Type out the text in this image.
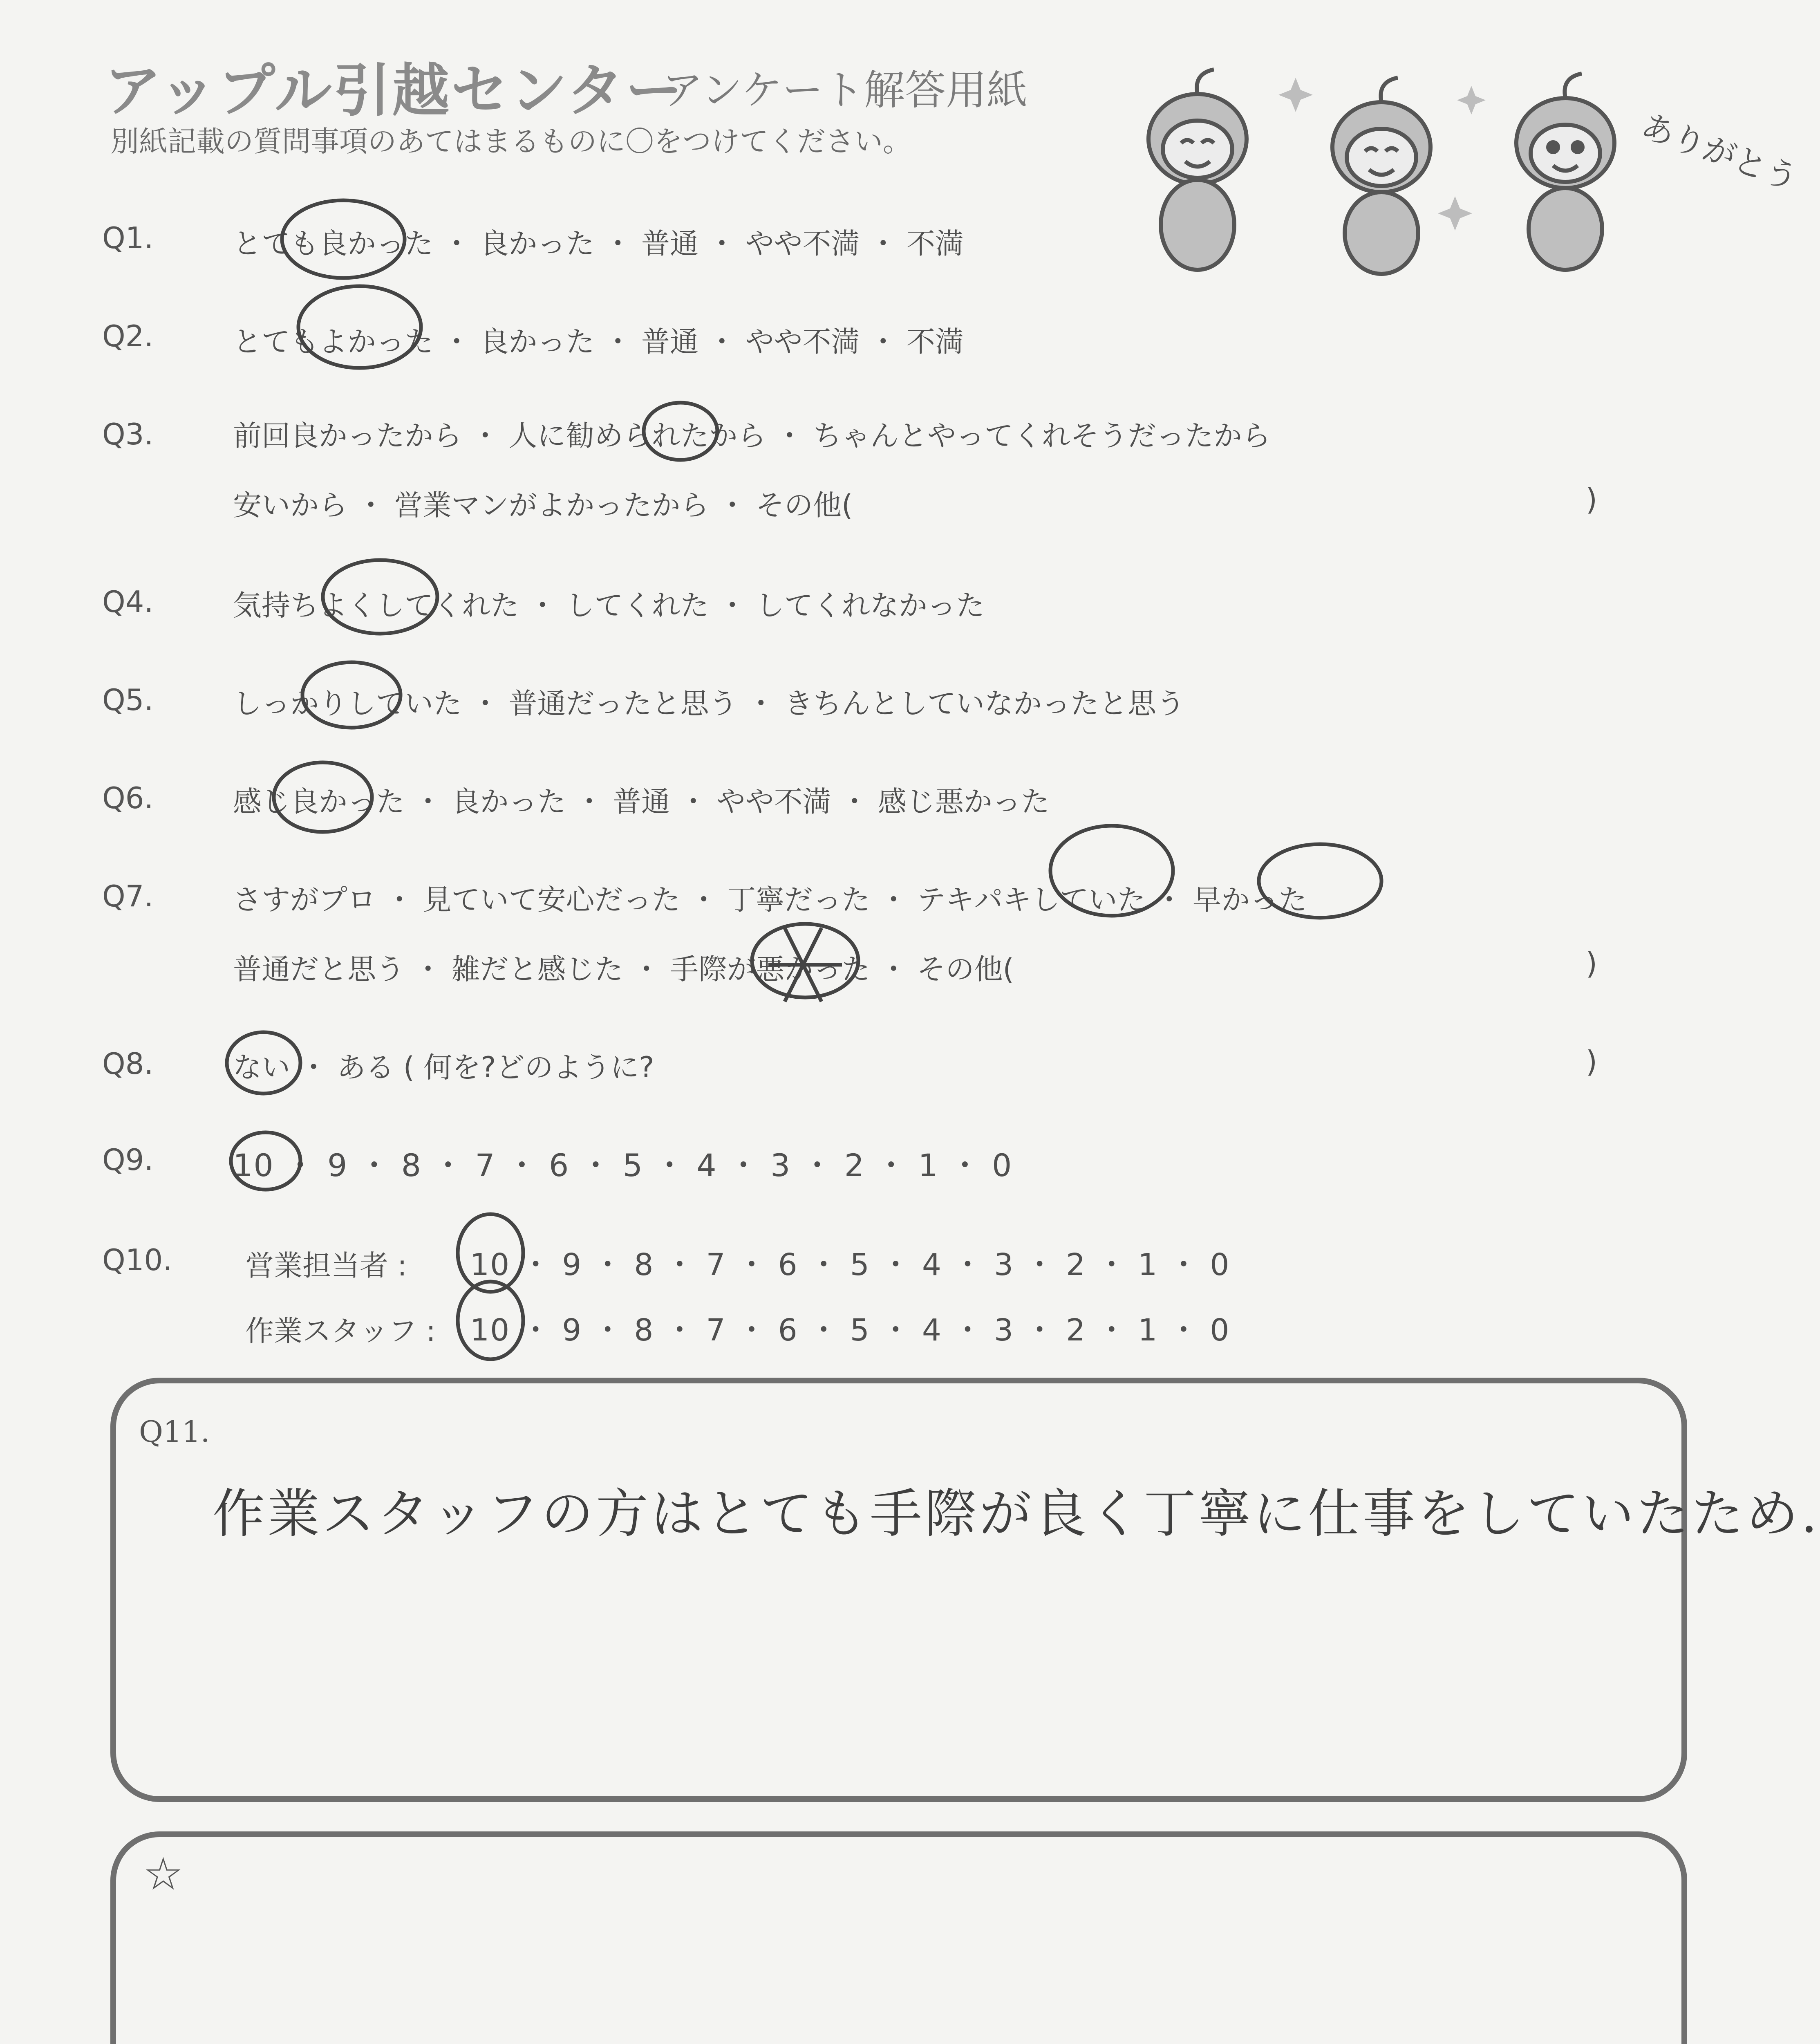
アップル引越センター
アンケート解答用紙
別紙記載の質問事項のあてはまるものに〇をつけてください。	ありがとう
Q1.	とても良かった ・ 良かった ・ 普通 ・ やや不満 ・ 不満
Q2.	とてもよかった ・ 良かった ・ 普通 ・ やや不満 ・ 不満
Q3.	前回良かったから ・ 人に勧められたから ・ ちゃんとやってくれそうだったから
安いから ・ 営業マンがよかったから ・ その他(	)
Q4.	気持ちよくしてくれた ・ してくれた ・ してくれなかった
Q5.	しっかりしていた ・ 普通だったと思う ・ きちんとしていなかったと思う
Q6.	感じ良かった ・ 良かった ・ 普通 ・ やや不満 ・ 感じ悪かった
Q7.	さすがプロ ・ 見ていて安心だった ・ 丁寧だった ・ テキパキしていた ・ 早かった
普通だと思う ・ 雑だと感じた ・ 手際が悪かった ・ その他(	)
Q8.	ない ・ ある ( 何を?どのように?	)
Q9.	10 ・ 9 ・ 8 ・ 7 ・ 6 ・ 5 ・ 4 ・ 3 ・ 2 ・ 1 ・ 0
Q10.	営業担当者 : 10 ・ 9 ・ 8 ・ 7 ・ 6 ・ 5 ・ 4 ・ 3 ・ 2 ・ 1 ・ 0
作業スタッフ : 10 ・ 9 ・ 8 ・ 7 ・ 6 ・ 5 ・ 4 ・ 3 ・ 2 ・ 1 ・ 0
Q11.
作業スタッフの方はとても手際が良く丁寧に仕事をしていたため.
☆
